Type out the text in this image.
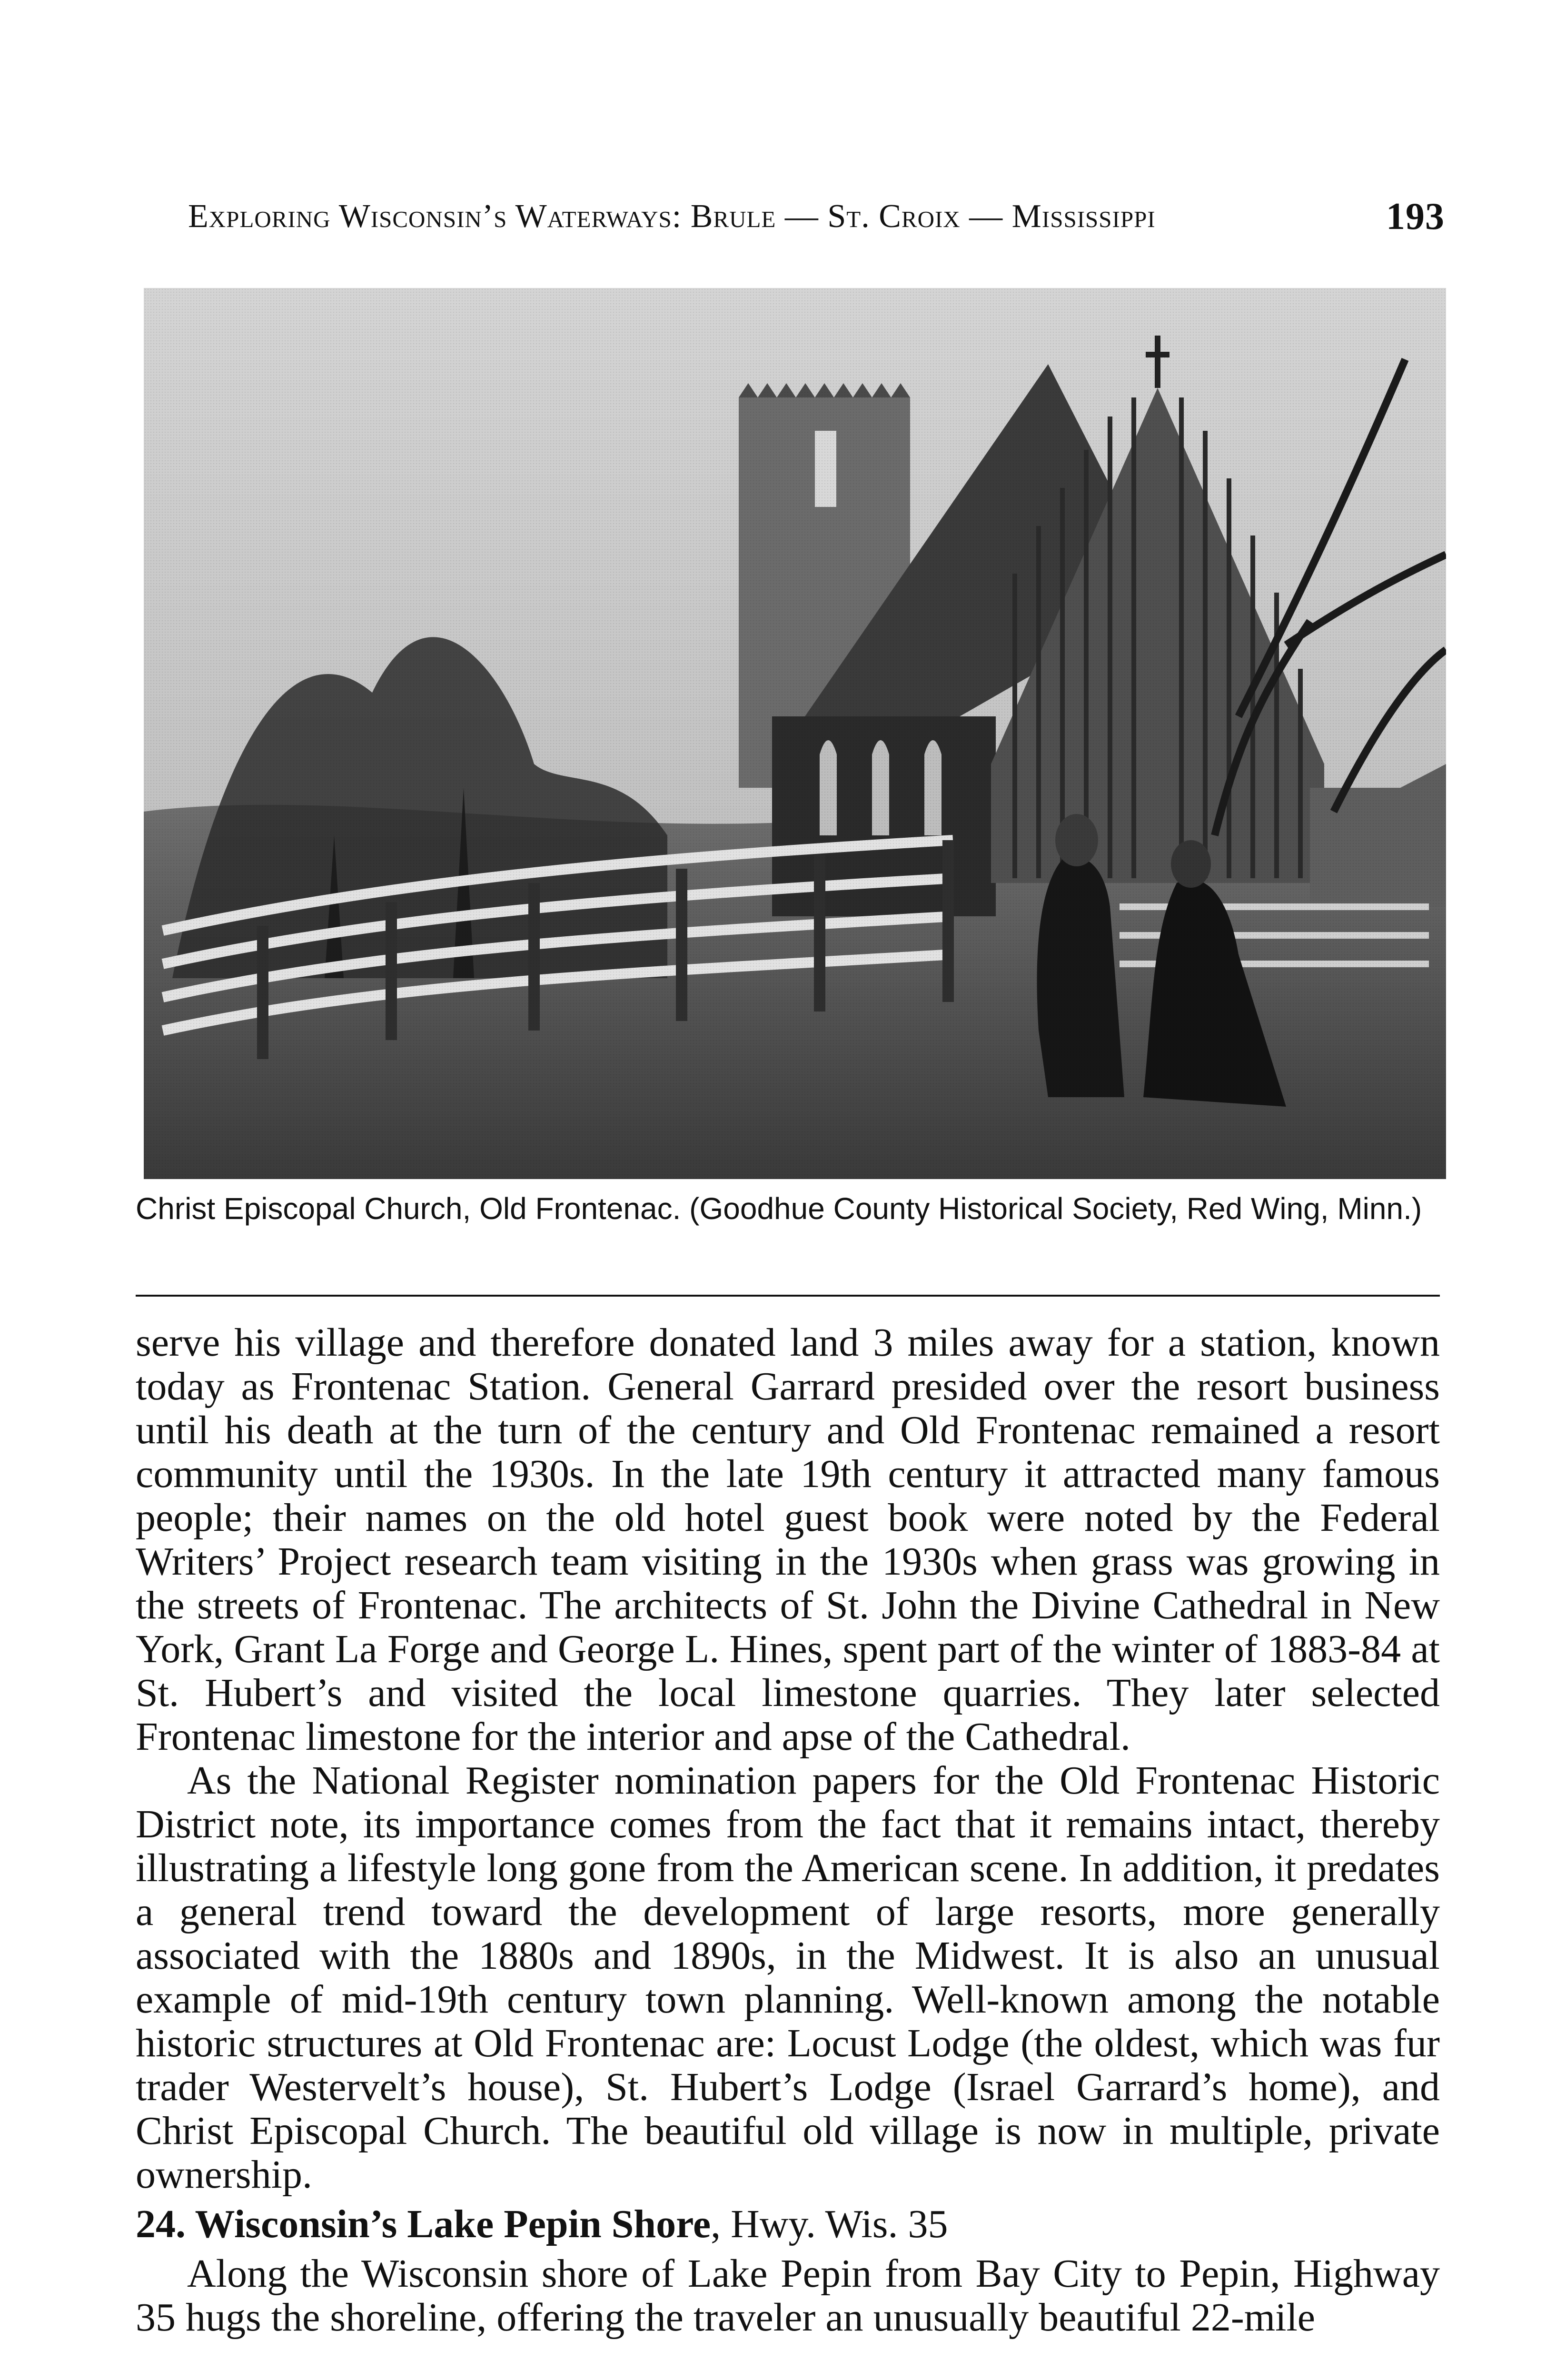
Exploring Wisconsin’s Waterways: Brule — St. Croix — Mississippi	193
Christ Episcopal Church, Old Frontenac. (Goodhue County Historical Society, Red Wing, Minn.)

serve his village and therefore donated land 3 miles away for a station, known today as Frontenac Station. General Garrard presided over the resort business until his death at the turn of the century and Old Frontenac remained a resort community until the 1930s. In the late 19th century it attracted many famous people; their names on the old hotel guest book were noted by the Federal Writers’ Project research team visiting in the 1930s when grass was growing in the streets of Frontenac. The architects of St. John the Divine Cathedral in New York, Grant La Forge and George L. Hines, spent part of the winter of 1883-84 at St. Hubert’s and visited the local limestone quarries. They later selected Frontenac limestone for the interior and apse of the Cathedral.

As the National Register nomination papers for the Old Frontenac Historic District note, its importance comes from the fact that it remains intact, thereby illustrating a lifestyle long gone from the American scene. In addition, it predates a general trend toward the development of large resorts, more generally associated with the 1880s and 1890s, in the Midwest. It is also an unusual example of mid-19th century town planning. Well-known among the notable historic structures at Old Frontenac are: Locust Lodge (the oldest, which was fur trader Westervelt’s house), St. Hubert’s Lodge (Israel Garrard’s home), and Christ Episcopal Church. The beautiful old village is now in multiple, private ownership.

24. Wisconsin’s Lake Pepin Shore, Hwy. Wis. 35

Along the Wisconsin shore of Lake Pepin from Bay City to Pepin, Highway 35 hugs the shoreline, offering the traveler an unusually beautiful 22-mile
